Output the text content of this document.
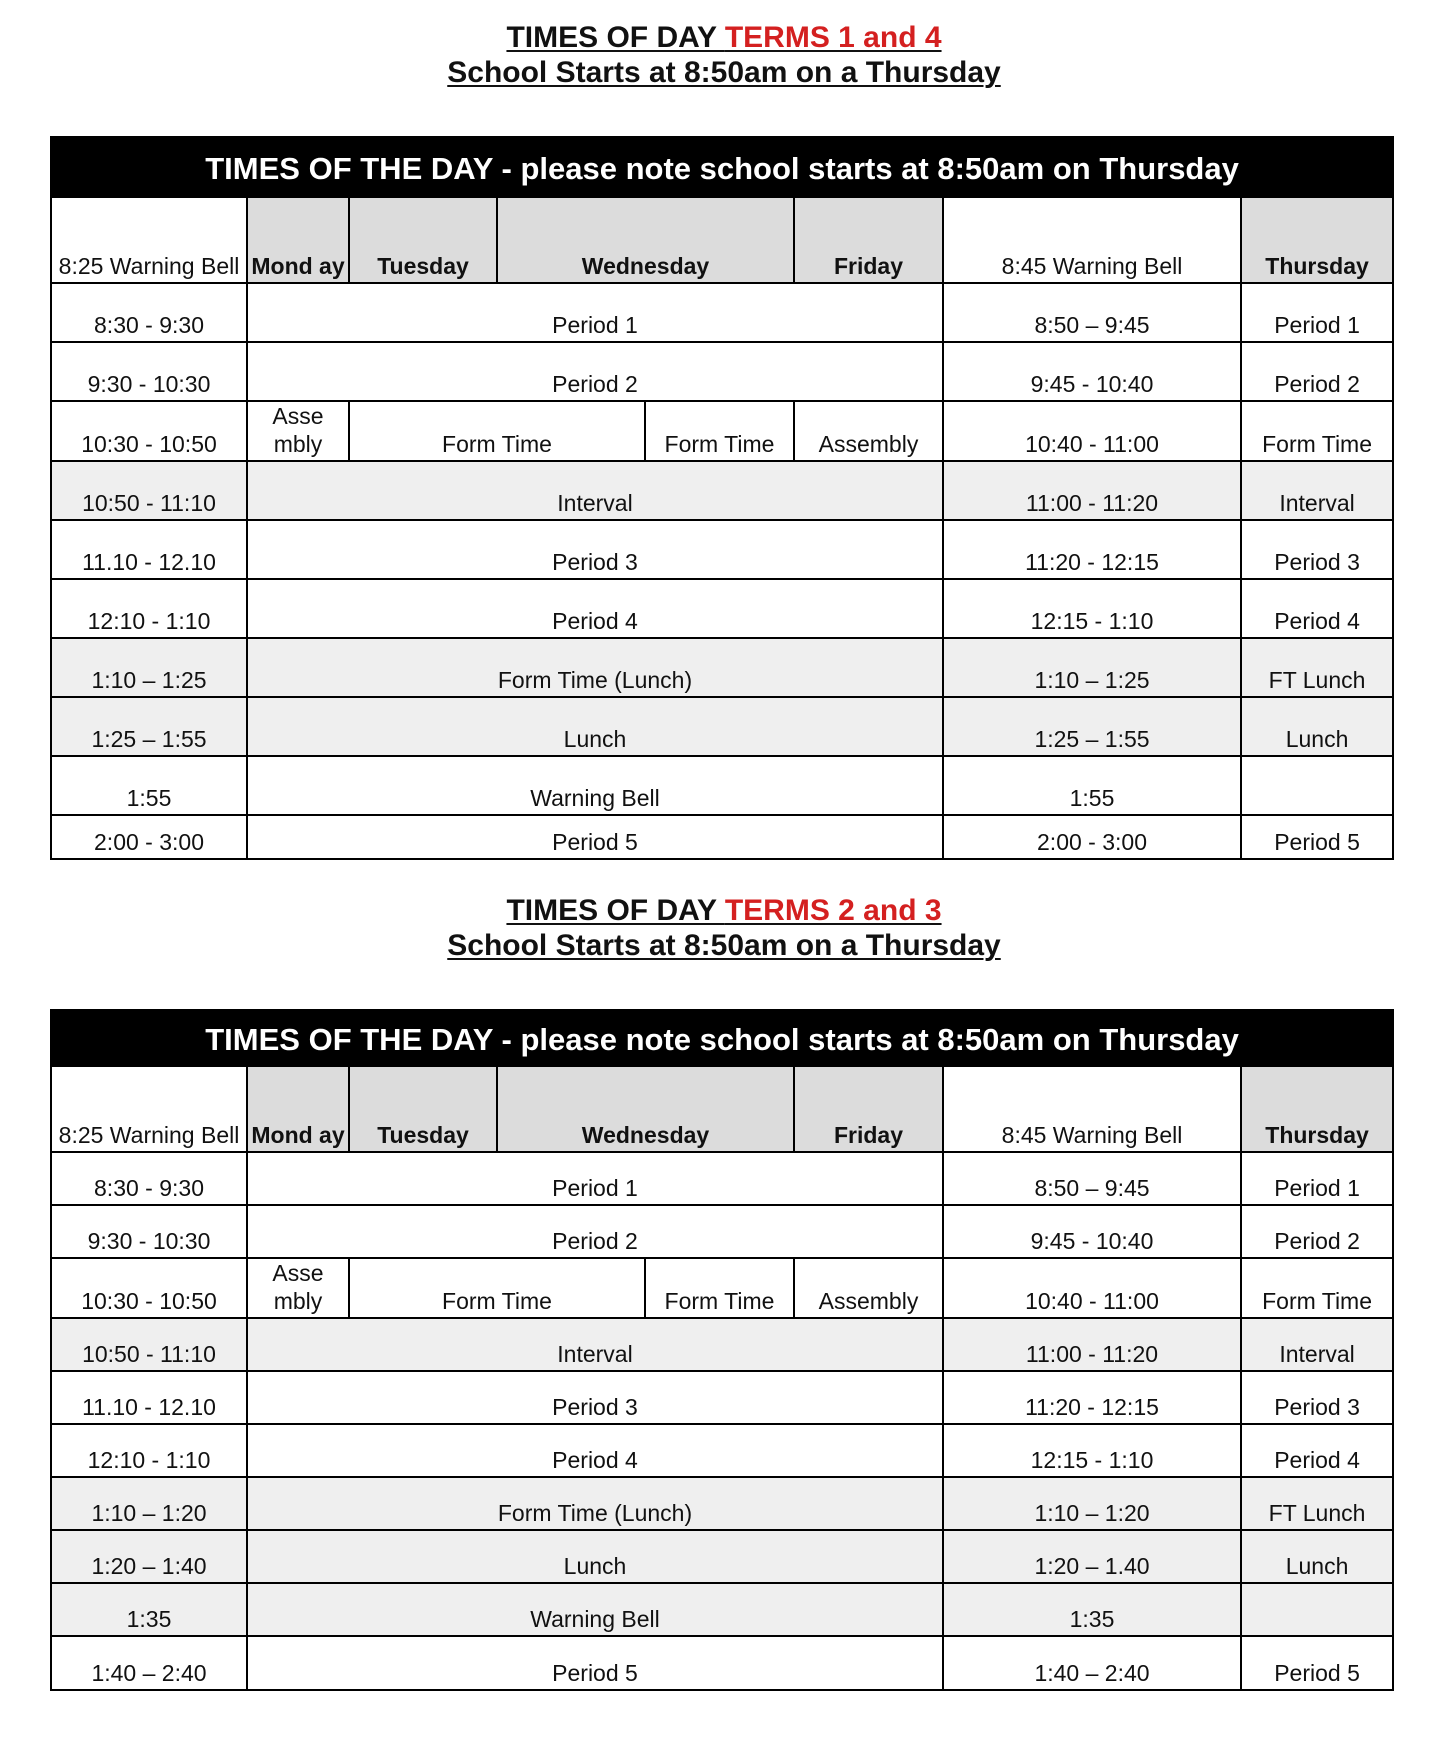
TIMES OF DAY TERMS 1 and 4
School Starts at 8:50am on a Thursday
TIMES OF THE DAY - please note school starts at 8:50am on Thursday							
8:25 Warning Bell	Mond ay	Tuesday	Wednesday		Friday	8:45 Warning Bell	Thursday
8:30 - 9:30	Period 1					8:50 – 9:45	Period 1
9:30 - 10:30	Period 2					9:45 - 10:40	Period 2
10:30 - 10:50	Asse mbly	Form Time		Form Time	Assembly	10:40 - 11:00	Form Time
10:50 - 11:10	Interval					11:00 - 11:20	Interval
11.10 - 12.10	Period 3					11:20 - 12:15	Period 3
12:10 - 1:10	Period 4					12:15 - 1:10	Period 4
1:10 – 1:25	Form Time (Lunch)					1:10 – 1:25	FT Lunch
1:25 – 1:55	Lunch					1:25 – 1:55	Lunch
1:55	Warning Bell					1:55	
2:00 - 3:00	Period 5					2:00 - 3:00	Period 5
TIMES OF DAY TERMS 2 and 3
School Starts at 8:50am on a Thursday
TIMES OF THE DAY - please note school starts at 8:50am on Thursday							
8:25 Warning Bell	Mond ay	Tuesday	Wednesday		Friday	8:45 Warning Bell	Thursday
8:30 - 9:30	Period 1					8:50 – 9:45	Period 1
9:30 - 10:30	Period 2					9:45 - 10:40	Period 2
10:30 - 10:50	Asse mbly	Form Time		Form Time	Assembly	10:40 - 11:00	Form Time
10:50 - 11:10	Interval					11:00 - 11:20	Interval
11.10 - 12.10	Period 3					11:20 - 12:15	Period 3
12:10 - 1:10	Period 4					12:15 - 1:10	Period 4
1:10 – 1:20	Form Time (Lunch)					1:10 – 1:20	FT Lunch
1:20 – 1:40	Lunch					1:20 – 1.40	Lunch
1:35	Warning Bell					1:35	
1:40 – 2:40	Period 5					1:40 – 2:40	Period 5
